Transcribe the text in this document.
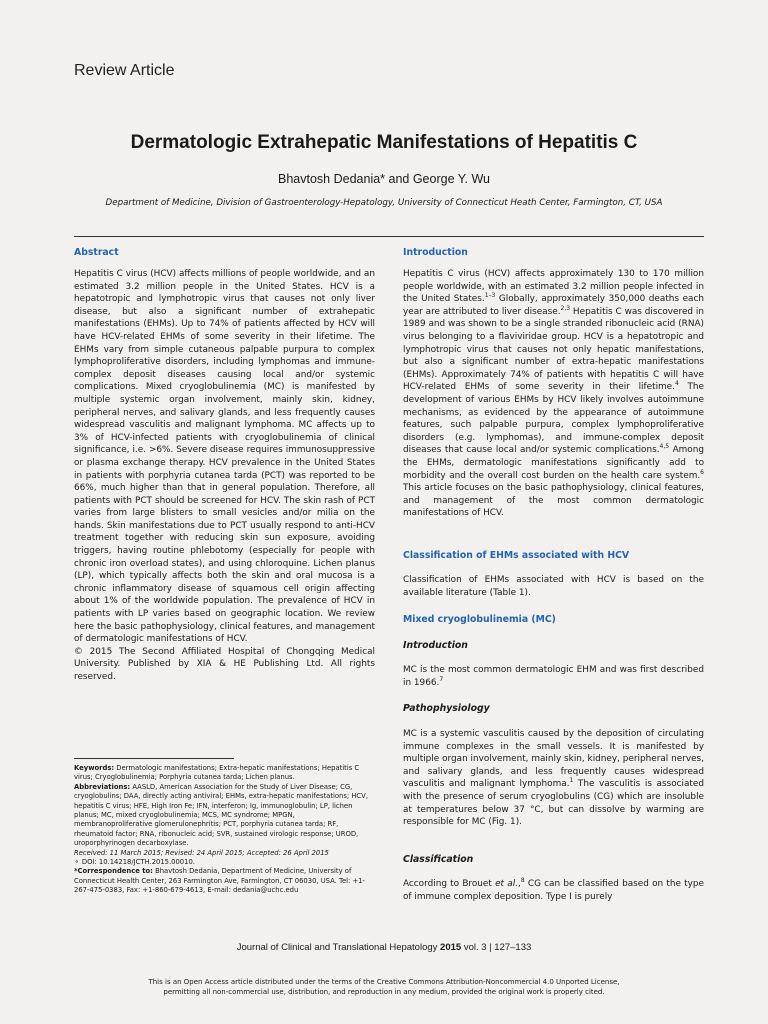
Review Article
Dermatologic Extrahepatic Manifestations of Hepatitis C
Bhavtosh Dedania* and George Y. Wu
Department of Medicine, Division of Gastroenterology-Hepatology, University of Connecticut Heath Center, Farmington, CT, USA
Abstract
Hepatitis C virus (HCV) affects millions of people worldwide, and an estimated 3.2 million people in the United States. HCV is a hepatotropic and lymphotropic virus that causes not only liver disease, but also a significant number of extrahepatic manifestations (EHMs). Up to 74% of patients affected by HCV will have HCV-related EHMs of some severity in their lifetime. The EHMs vary from simple cutaneous palpable purpura to complex lymphoproliferative disorders, including lymphomas and immune-complex deposit diseases causing local and/or systemic complications. Mixed cryoglobulinemia (MC) is manifested by multiple systemic organ involvement, mainly skin, kidney, peripheral nerves, and salivary glands, and less frequently causes widespread vasculitis and malignant lymphoma. MC affects up to 3% of HCV-infected patients with cryoglobulinemia of clinical significance, i.e. >6%. Severe disease requires immunosuppressive or plasma exchange therapy. HCV prevalence in the United States in patients with porphyria cutanea tarda (PCT) was reported to be 66%, much higher than that in general population. Therefore, all patients with PCT should be screened for HCV. The skin rash of PCT varies from large blisters to small vesicles and/or milia on the hands. Skin manifestations due to PCT usually respond to anti-HCV treatment together with reducing skin sun exposure, avoiding triggers, having routine phlebotomy (especially for people with chronic iron overload states), and using chloroquine. Lichen planus (LP), which typically affects both the skin and oral mucosa is a chronic inflammatory disease of squamous cell origin affecting about 1% of the worldwide population. The prevalence of HCV in patients with LP varies based on geographic location. We review here the basic pathophysiology, clinical features, and management of dermatologic manifestations of HCV.
© 2015 The Second Affiliated Hospital of Chongqing Medical University. Published by XIA & HE Publishing Ltd. All rights reserved.
Keywords: Dermatologic manifestations; Extra-hepatic manifestations; Hepatitis C virus; Cryoglobulinemia; Porphyria cutanea tarda; Lichen planus.
Abbreviations: AASLD, American Association for the Study of Liver Disease; CG, cryoglobulins; DAA, directly acting antiviral; EHMs, extra-hepatic manifestations; HCV, hepatitis C virus; HFE, High Iron Fe; IFN, interferon; Ig, immunoglobulin; LP, lichen planus; MC, mixed cryoglobulinemia; MCS, MC syndrome; MPGN, membranoproliferative glomerulonephritis; PCT, porphyria cutanea tarda; RF, rheumatoid factor; RNA, ribonucleic acid; SVR, sustained virologic response; UROD, uroporphyrinogen decarboxylase.
Received: 11 March 2015; Revised: 24 April 2015; Accepted: 26 April 2015
⚬ DOI: 10.14218/JCTH.2015.00010.
*Correspondence to: Bhavtosh Dedania, Department of Medicine, University of Connecticut Health Center, 263 Farmington Ave, Farmington, CT 06030, USA. Tel: +1-267-475-0383, Fax: +1-860-679-4613, E-mail: dedania@uchc.edu
Introduction
Hepatitis C virus (HCV) affects approximately 130 to 170 million people worldwide, with an estimated 3.2 million people infected in the United States.$^{1-3}$ Globally, approximately 350,000 deaths each year are attributed to liver disease.$^{2,3}$ Hepatitis C was discovered in 1989 and was shown to be a single stranded ribonucleic acid (RNA) virus belonging to a flaviviridae group. HCV is a hepatotropic and lymphotropic virus that causes not only hepatic manifestations, but also a significant number of extra-hepatic manifestations (EHMs). Approximately 74% of patients with hepatitis C will have HCV-related EHMs of some severity in their lifetime.$^4$ The development of various EHMs by HCV likely involves autoimmune mechanisms, as evidenced by the appearance of autoimmune features, such palpable purpura, complex lymphoproliferative disorders (e.g. lymphomas), and immune-complex deposit diseases that cause local and/or systemic complications.$^{4,5}$ Among the EHMs, dermatologic manifestations significantly add to morbidity and the overall cost burden on the health care system.$^6$ This article focuses on the basic pathophysiology, clinical features, and management of the most common dermatologic manifestations of HCV.
Classification of EHMs associated with HCV
Classification of EHMs associated with HCV is based on the available literature (Table 1).
Mixed cryoglobulinemia (MC)
Introduction
MC is the most common dermatologic EHM and was first described in 1966.$^7$
Pathophysiology
MC is a systemic vasculitis caused by the deposition of circulating immune complexes in the small vessels. It is manifested by multiple organ involvement, mainly skin, kidney, peripheral nerves, and salivary glands, and less frequently causes widespread vasculitis and malignant lymphoma.$^1$ The vasculitis is associated with the presence of serum cryoglobulins (CG) which are insoluble at temperatures below 37 °C, but can dissolve by warming are responsible for MC (Fig. 1).
Classification
According to Brouet et al.,$^8$ CG can be classified based on the type of immune complex deposition. Type I is purely
Journal of Clinical and Translational Hepatology 2015 vol. 3 | 127–133
This is an Open Access article distributed under the terms of the Creative Commons Attribution-Noncommercial 4.0 Unported License,
permitting all non-commercial use, distribution, and reproduction in any medium, provided the original work is properly cited.
